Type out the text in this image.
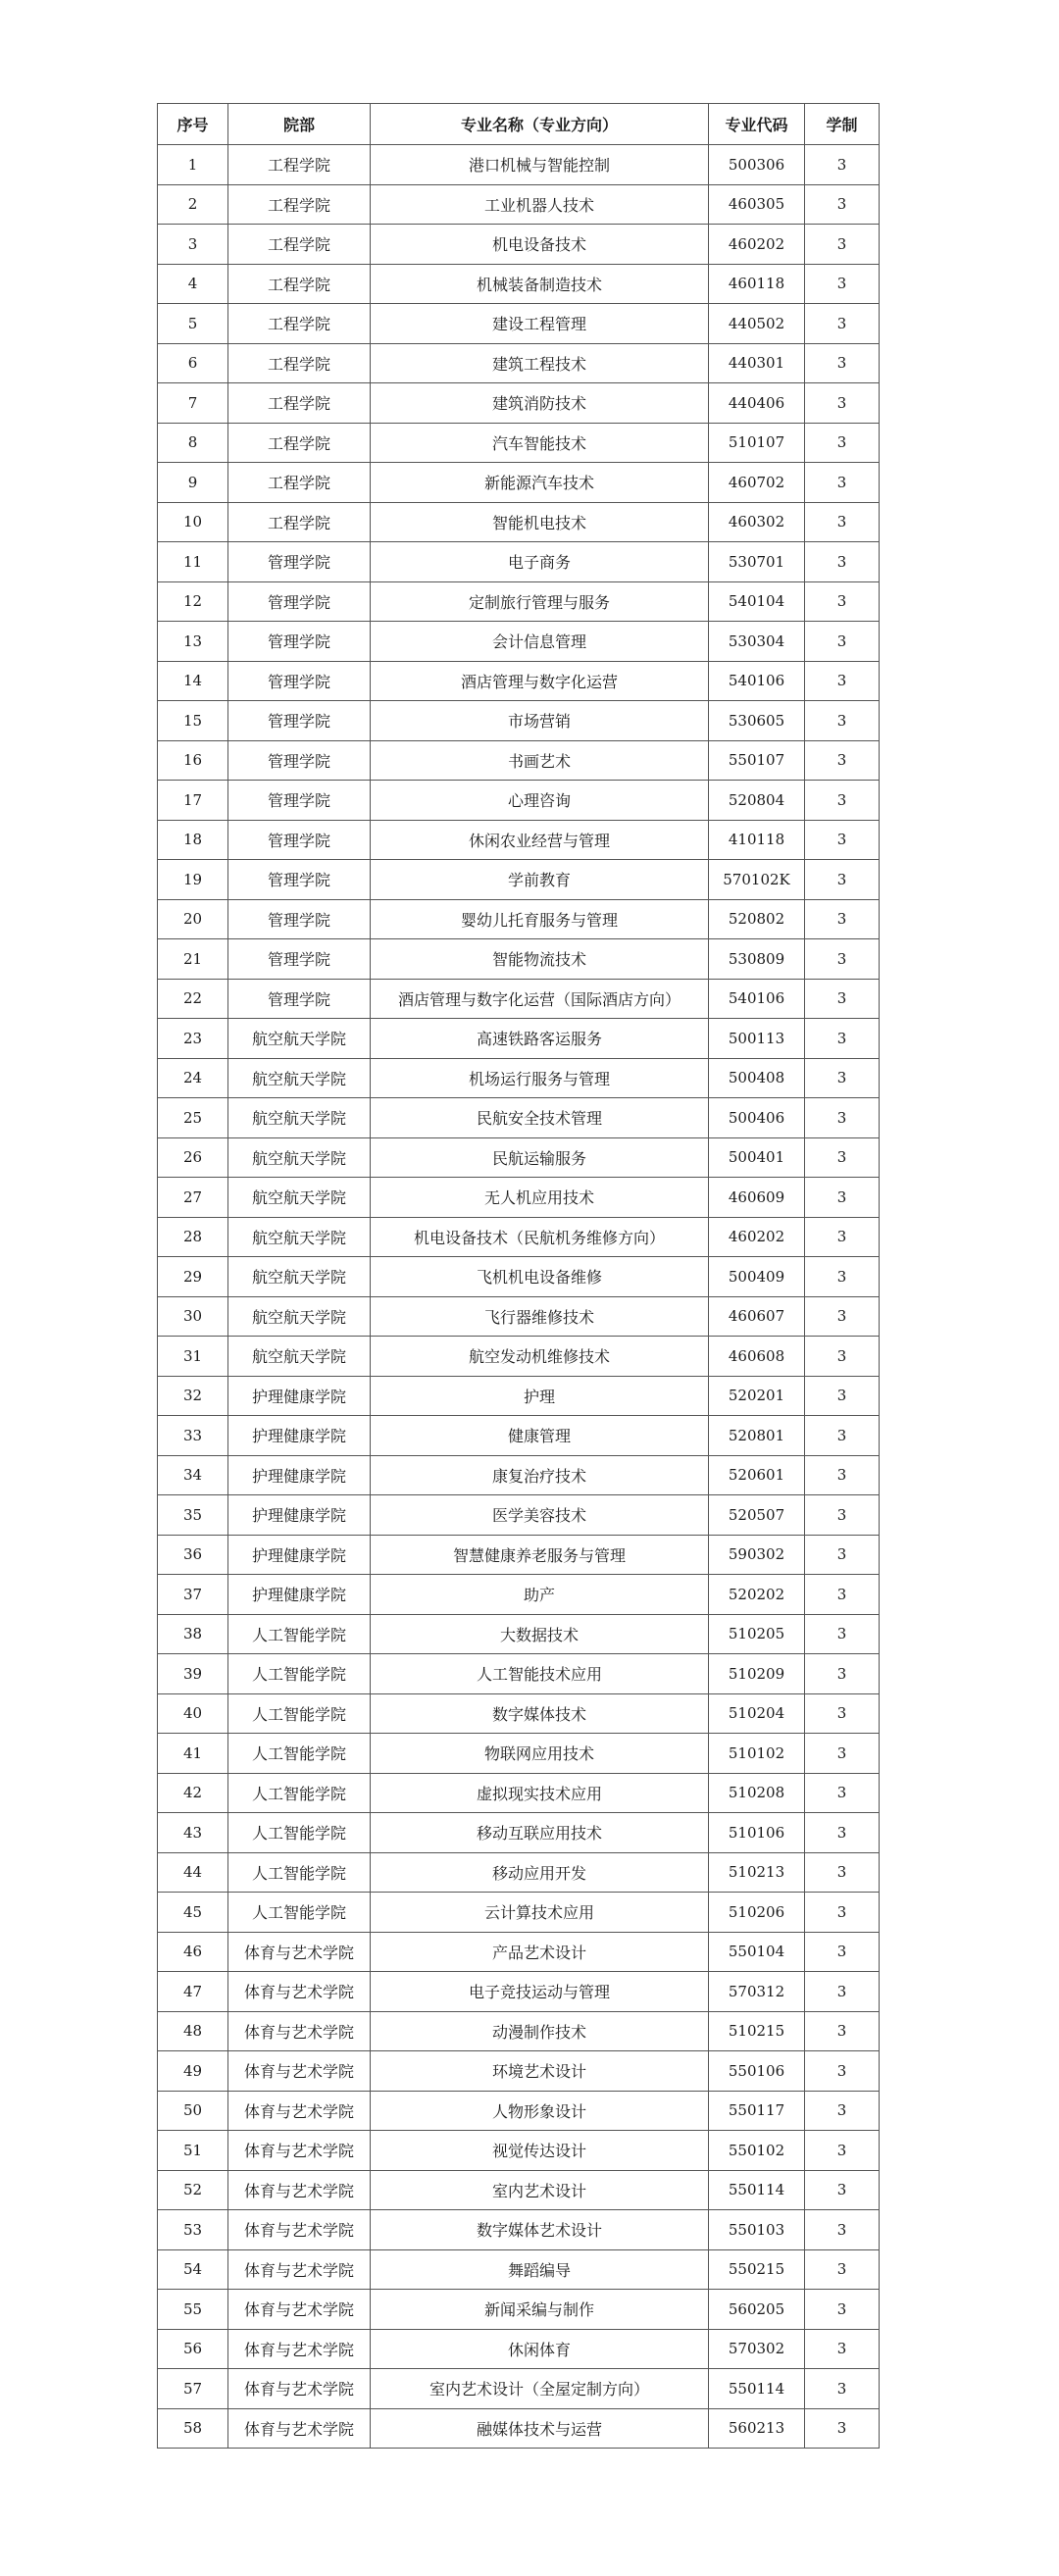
序号	院部	专业名称（专业方向）	专业代码	学制
1	工程学院	港口机械与智能控制	500306	3
2	工程学院	工业机器人技术	460305	3
3	工程学院	机电设备技术	460202	3
4	工程学院	机械装备制造技术	460118	3
5	工程学院	建设工程管理	440502	3
6	工程学院	建筑工程技术	440301	3
7	工程学院	建筑消防技术	440406	3
8	工程学院	汽车智能技术	510107	3
9	工程学院	新能源汽车技术	460702	3
10	工程学院	智能机电技术	460302	3
11	管理学院	电子商务	530701	3
12	管理学院	定制旅行管理与服务	540104	3
13	管理学院	会计信息管理	530304	3
14	管理学院	酒店管理与数字化运营	540106	3
15	管理学院	市场营销	530605	3
16	管理学院	书画艺术	550107	3
17	管理学院	心理咨询	520804	3
18	管理学院	休闲农业经营与管理	410118	3
19	管理学院	学前教育	570102K	3
20	管理学院	婴幼儿托育服务与管理	520802	3
21	管理学院	智能物流技术	530809	3
22	管理学院	酒店管理与数字化运营（国际酒店方向）	540106	3
23	航空航天学院	高速铁路客运服务	500113	3
24	航空航天学院	机场运行服务与管理	500408	3
25	航空航天学院	民航安全技术管理	500406	3
26	航空航天学院	民航运输服务	500401	3
27	航空航天学院	无人机应用技术	460609	3
28	航空航天学院	机电设备技术（民航机务维修方向）	460202	3
29	航空航天学院	飞机机电设备维修	500409	3
30	航空航天学院	飞行器维修技术	460607	3
31	航空航天学院	航空发动机维修技术	460608	3
32	护理健康学院	护理	520201	3
33	护理健康学院	健康管理	520801	3
34	护理健康学院	康复治疗技术	520601	3
35	护理健康学院	医学美容技术	520507	3
36	护理健康学院	智慧健康养老服务与管理	590302	3
37	护理健康学院	助产	520202	3
38	人工智能学院	大数据技术	510205	3
39	人工智能学院	人工智能技术应用	510209	3
40	人工智能学院	数字媒体技术	510204	3
41	人工智能学院	物联网应用技术	510102	3
42	人工智能学院	虚拟现实技术应用	510208	3
43	人工智能学院	移动互联应用技术	510106	3
44	人工智能学院	移动应用开发	510213	3
45	人工智能学院	云计算技术应用	510206	3
46	体育与艺术学院	产品艺术设计	550104	3
47	体育与艺术学院	电子竞技运动与管理	570312	3
48	体育与艺术学院	动漫制作技术	510215	3
49	体育与艺术学院	环境艺术设计	550106	3
50	体育与艺术学院	人物形象设计	550117	3
51	体育与艺术学院	视觉传达设计	550102	3
52	体育与艺术学院	室内艺术设计	550114	3
53	体育与艺术学院	数字媒体艺术设计	550103	3
54	体育与艺术学院	舞蹈编导	550215	3
55	体育与艺术学院	新闻采编与制作	560205	3
56	体育与艺术学院	休闲体育	570302	3
57	体育与艺术学院	室内艺术设计（全屋定制方向）	550114	3
58	体育与艺术学院	融媒体技术与运营	560213	3
